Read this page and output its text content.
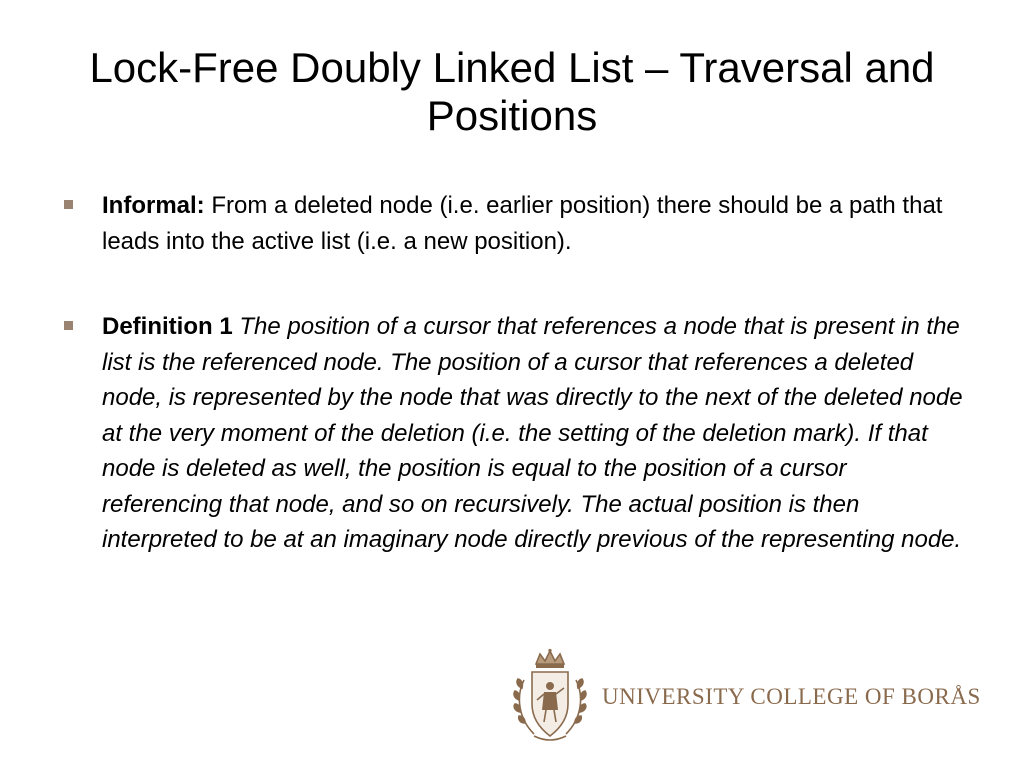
Lock-Free Doubly Linked List – Traversal and Positions
Informal: From a deleted node (i.e. earlier position) there should be a path that leads into the active list (i.e. a new position).
Definition 1 The position of a cursor that references a node that is present in the list is the referenced node. The position of a cursor that references a deleted node, is represented by the node that was directly to the next of the deleted node at the very moment of the deletion (i.e. the setting of the deletion mark). If that node is deleted as well, the position is equal to the position of a cursor referencing that node, and so on recursively. The actual position is then interpreted to be at an imaginary node directly previous of the representing node.
UNIVERSITY COLLEGE OF BORÅS
